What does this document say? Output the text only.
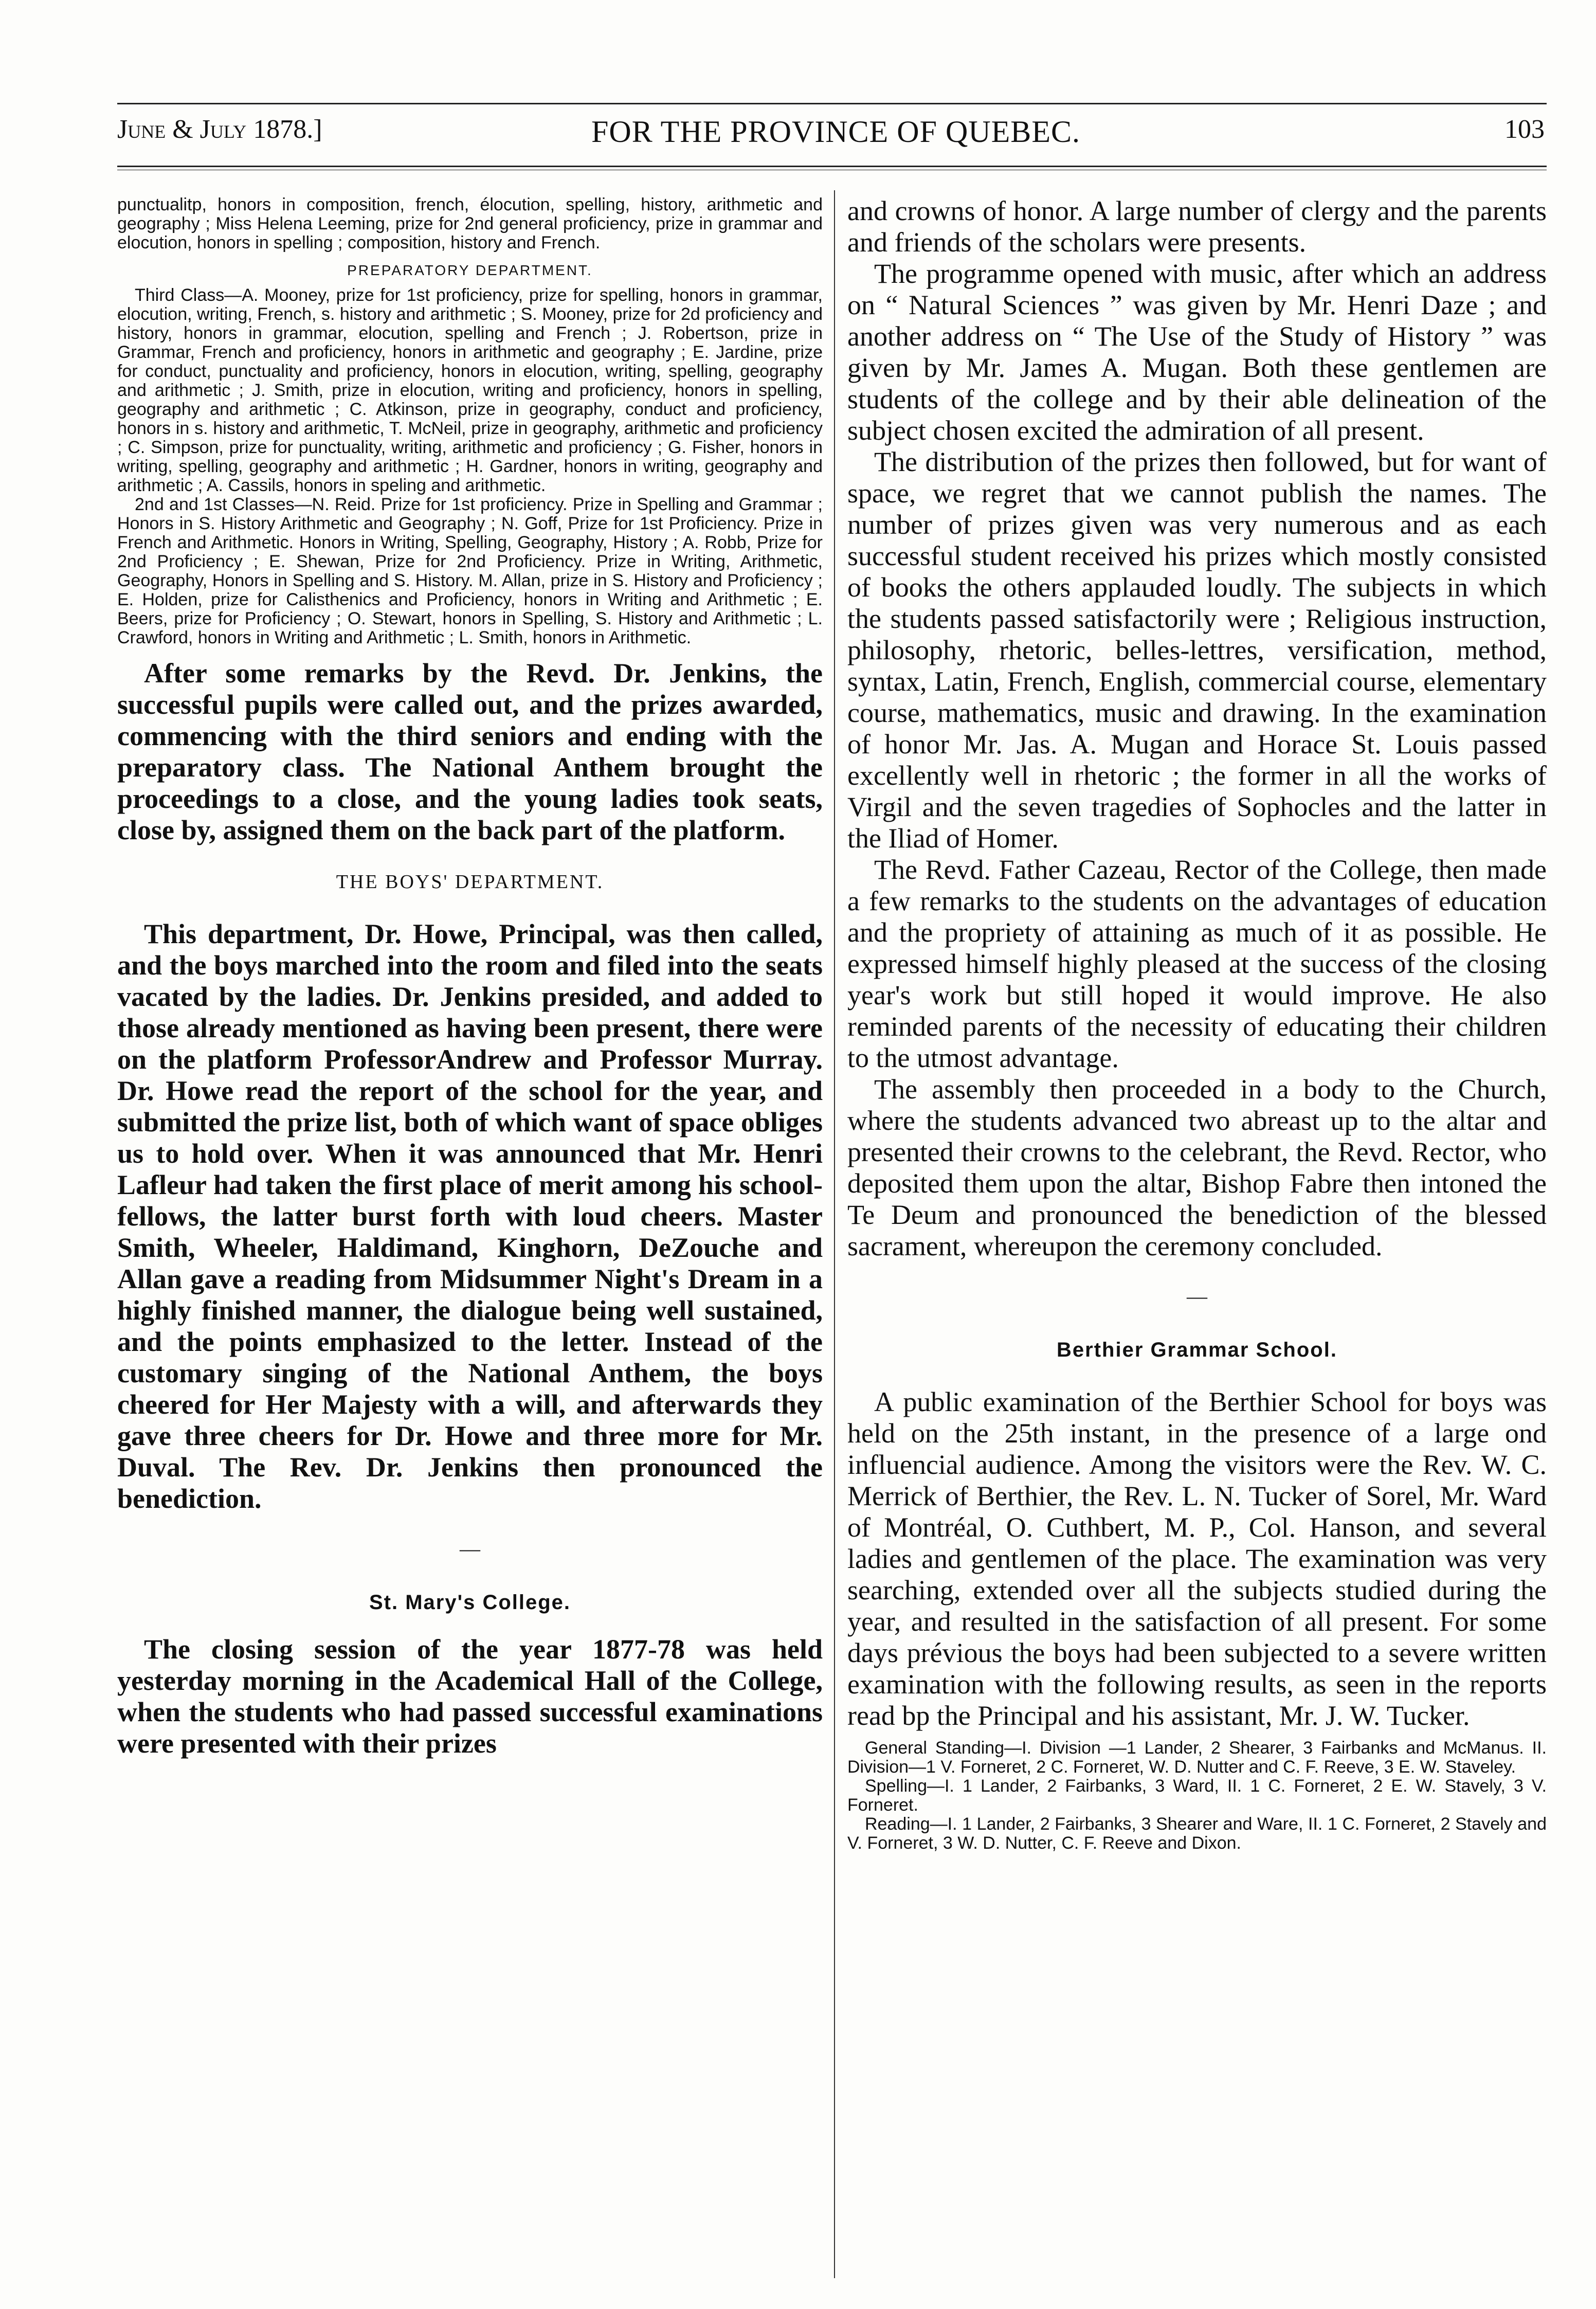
June & July 1878.]	FOR THE PROVINCE OF QUEBEC.	103

punctualitp, honors in composition, french, élocution, spelling, history, arithmetic and geography ; Miss Helena Leeming, prize for 2nd general proficiency, prize in grammar and elocution, honors in spelling ; composition, history and French.

PREPARATORY DEPARTMENT.

Third Class—A. Mooney, prize for 1st proficiency, prize for spelling, honors in grammar, elocution, writing, French, s. history and arithmetic ; S. Mooney, prize for 2d proficiency and history, honors in grammar, elocution, spelling and French ; J. Robertson, prize in Grammar, French and proficiency, honors in arithmetic and geography ; E. Jardine, prize for conduct, punctuality and proficiency, honors in elocution, writing, spelling, geography and arithmetic ; J. Smith, prize in elocution, writing and proficiency, honors in spelling, geography and arithmetic ; C. Atkinson, prize in geography, conduct and proficiency, honors in s. history and arithmetic, T. McNeil, prize in geography, arithmetic and proficiency ; C. Simpson, prize for punctuality, writing, arithmetic and proficiency ; G. Fisher, honors in writing, spelling, geography and arithmetic ; H. Gardner, honors in writing, geography and arithmetic ; A. Cassils, honors in speling and arithmetic.

2nd and 1st Classes—N. Reid. Prize for 1st proficiency. Prize in Spelling and Grammar ; Honors in S. History Arithmetic and Geography ; N. Goff, Prize for 1st Proficiency. Prize in French and Arithmetic. Honors in Writing, Spelling, Geography, History ; A. Robb, Prize for 2nd Proficiency ; E. Shewan, Prize for 2nd Proficiency. Prize in Writing, Arithmetic, Geography, Honors in Spelling and S. History. M. Allan, prize in S. History and Proficiency ; E. Holden, prize for Calisthenics and Proficiency, honors in Writing and Arithmetic ; E. Beers, prize for Proficiency ; O. Stewart, honors in Spelling, S. History and Arithmetic ; L. Crawford, honors in Writing and Arithmetic ; L. Smith, honors in Arithmetic.

After some remarks by the Revd. Dr. Jenkins, the successful pupils were called out, and the prizes awarded, commencing with the third seniors and ending with the preparatory class. The National Anthem brought the proceedings to a close, and the young ladies took seats, close by, assigned them on the back part of the platform.

THE BOYS' DEPARTMENT.

This department, Dr. Howe, Principal, was then called, and the boys marched into the room and filed into the seats vacated by the ladies. Dr. Jenkins presided, and added to those already mentioned as having been present, there were on the platform ProfessorAndrew and Professor Murray. Dr. Howe read the report of the school for the year, and submitted the prize list, both of which want of space obliges us to hold over. When it was announced that Mr. Henri Lafleur had taken the first place of merit among his school-fellows, the latter burst forth with loud cheers. Master Smith, Wheeler, Haldimand, Kinghorn, DeZouche and Allan gave a reading from Midsummer Night's Dream in a highly finished manner, the dialogue being well sustained, and the points emphasized to the letter. Instead of the customary singing of the National Anthem, the boys cheered for Her Majesty with a will, and afterwards they gave three cheers for Dr. Howe and three more for Mr. Duval. The Rev. Dr. Jenkins then pronounced the benediction.

—
St. Mary's College.

The closing session of the year 1877-78 was held yesterday morning in the Academical Hall of the College, when the students who had passed successful examinations were presented with their prizes

and crowns of honor. A large number of clergy and the parents and friends of the scholars were presents.

The programme opened with music, after which an address on “ Natural Sciences ” was given by Mr. Henri Daze ; and another address on “ The Use of the Study of History ” was given by Mr. James A. Mugan. Both these gentlemen are students of the college and by their able delineation of the subject chosen excited the admiration of all present.

The distribution of the prizes then followed, but for want of space, we regret that we cannot publish the names. The number of prizes given was very numerous and as each successful student received his prizes which mostly consisted of books the others applauded loudly. The subjects in which the students passed satisfactorily were ; Religious instruction, philosophy, rhetoric, belles-lettres, versification, method, syntax, Latin, French, English, commercial course, elementary course, mathematics, music and drawing. In the examination of honor Mr. Jas. A. Mugan and Horace St. Louis passed excellently well in rhetoric ; the former in all the works of Virgil and the seven tragedies of Sophocles and the latter in the Iliad of Homer.

The Revd. Father Cazeau, Rector of the College, then made a few remarks to the students on the advantages of education and the propriety of attaining as much of it as possible. He expressed himself highly pleased at the success of the closing year's work but still hoped it would improve. He also reminded parents of the necessity of educating their children to the utmost advantage.

The assembly then proceeded in a body to the Church, where the students advanced two abreast up to the altar and presented their crowns to the celebrant, the Revd. Rector, who deposited them upon the altar, Bishop Fabre then intoned the Te Deum and pronounced the benediction of the blessed sacrament, whereupon the ceremony concluded.

—
Berthier Grammar School.

A public examination of the Berthier School for boys was held on the 25th instant, in the presence of a large ond influencial audience. Among the visitors were the Rev. W. C. Merrick of Berthier, the Rev. L. N. Tucker of Sorel, Mr. Ward of Montréal, O. Cuthbert, M. P., Col. Hanson, and several ladies and gentlemen of the place. The examination was very searching, extended over all the subjects studied during the year, and resulted in the satisfaction of all present. For some days prévious the boys had been subjected to a severe written examination with the following results, as seen in the reports read bp the Principal and his assistant, Mr. J. W. Tucker.

General Standing—I. Division —1 Lander, 2 Shearer, 3 Fairbanks and McManus. II. Division—1 V. Forneret, 2 C. Forneret, W. D. Nutter and C. F. Reeve, 3 E. W. Staveley.

Spelling—I. 1 Lander, 2 Fairbanks, 3 Ward, II. 1 C. Forneret, 2 E. W. Stavely, 3 V. Forneret.

Reading—I. 1 Lander, 2 Fairbanks, 3 Shearer and Ware, II. 1 C. Forneret, 2 Stavely and V. Forneret, 3 W. D. Nutter, C. F. Reeve and Dixon.
